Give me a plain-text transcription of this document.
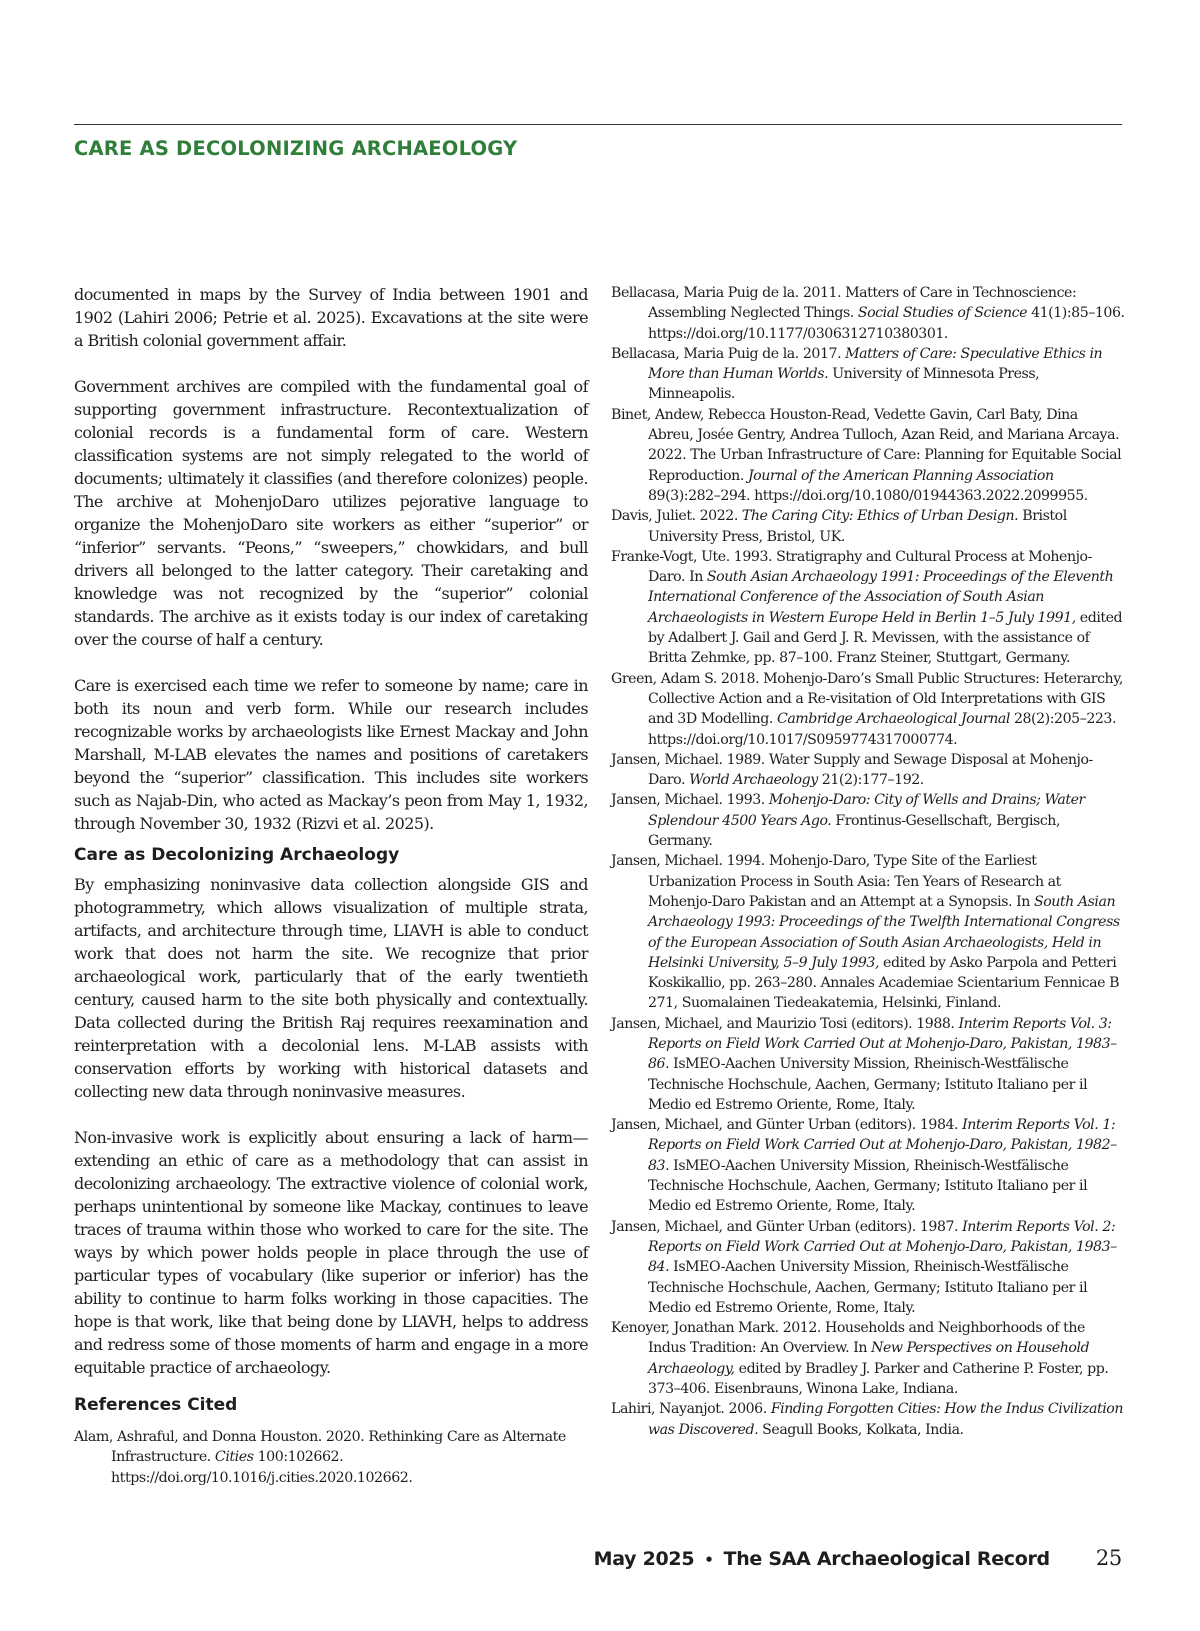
CARE AS DECOLONIZING ARCHAEOLOGY

documented in maps by the Survey of India between 1901 and 1902 (Lahiri 2006; Petrie et al. 2025). Excavations at the site were a British colonial government affair.

Government archives are compiled with the fundamental goal of supporting government infrastructure. Recontextualization of colonial records is a fundamental form of care. Western classification systems are not simply relegated to the world of documents; ultimately it classifies (and therefore colonizes) people. The archive at MohenjoDaro utilizes pejorative language to organize the MohenjoDaro site workers as either “superior” or “inferior” servants. “Peons,” “sweepers,” chowkidars, and bull drivers all belonged to the latter category. Their caretaking and knowledge was not recognized by the “superior” colonial standards. The archive as it exists today is our index of caretaking over the course of half a century.

Care is exercised each time we refer to someone by name; care in both its noun and verb form. While our research includes recognizable works by archaeologists like Ernest Mackay and John Marshall, M-LAB elevates the names and positions of caretakers beyond the “superior” classification. This includes site workers such as Najab-Din, who acted as Mackay’s peon from May 1, 1932, through November 30, 1932 (Rizvi et al. 2025).

Care as Decolonizing Archaeology

By emphasizing noninvasive data collection alongside GIS and photogrammetry, which allows visualization of multiple strata, artifacts, and architecture through time, LIAVH is able to conduct work that does not harm the site. We recognize that prior archaeological work, particularly that of the early twentieth century, caused harm to the site both physically and contextually. Data collected during the British Raj requires reexamination and reinterpretation with a decolonial lens. M-LAB assists with conservation efforts by working with historical datasets and collecting new data through noninvasive measures.

Non-invasive work is explicitly about ensuring a lack of harm—extending an ethic of care as a methodology that can assist in decolonizing archaeology. The extractive violence of colonial work, perhaps unintentional by someone like Mackay, continues to leave traces of trauma within those who worked to care for the site. The ways by which power holds people in place through the use of particular types of vocabulary (like superior or inferior) has the ability to continue to harm folks working in those capacities. The hope is that work, like that being done by LIAVH, helps to address and redress some of those moments of harm and engage in a more equitable practice of archaeology.

References Cited
Alam, Ashraful, and Donna Houston. 2020. Rethinking Care as Alternate Infrastructure. Cities 100:102662. https://doi.org/10.1016/j.cities.2020.102662.
Bellacasa, Maria Puig de la. 2011. Matters of Care in Technoscience: Assembling Neglected Things. Social Studies of Science 41(1):85–106. https://doi.org/10.1177/0306312710380301.
Bellacasa, Maria Puig de la. 2017. Matters of Care: Speculative Ethics in More than Human Worlds. University of Minnesota Press, Minneapolis.
Binet, Andew, Rebecca Houston-Read, Vedette Gavin, Carl Baty, Dina Abreu, Josée Gentry, Andrea Tulloch, Azan Reid, and Mariana Arcaya. 2022. The Urban Infrastructure of Care: Planning for Equitable Social Reproduction. Journal of the American Planning Association 89(3):282–294. https://doi.org/10.1080/01944363.2022.2099955.
Davis, Juliet. 2022. The Caring City: Ethics of Urban Design. Bristol University Press, Bristol, UK.
Franke-Vogt, Ute. 1993. Stratigraphy and Cultural Process at Mohenjo-Daro. In South Asian Archaeology 1991: Proceedings of the Eleventh International Conference of the Association of South Asian Archaeologists in Western Europe Held in Berlin 1–5 July 1991, edited by Adalbert J. Gail and Gerd J. R. Mevissen, with the assistance of Britta Zehmke, pp. 87–100. Franz Steiner, Stuttgart, Germany.
Green, Adam S. 2018. Mohenjo-Daro’s Small Public Structures: Heterarchy, Collective Action and a Re-visitation of Old Interpretations with GIS and 3D Modelling. Cambridge Archaeological Journal 28(2):205–223. https://doi.org/10.1017/S0959774317000774.
Jansen, Michael. 1989. Water Supply and Sewage Disposal at Mohenjo-Daro. World Archaeology 21(2):177–192.
Jansen, Michael. 1993. Mohenjo-Daro: City of Wells and Drains; Water Splendour 4500 Years Ago. Frontinus-Gesellschaft, Bergisch, Germany.
Jansen, Michael. 1994. Mohenjo-Daro, Type Site of the Earliest Urbanization Process in South Asia: Ten Years of Research at Mohenjo-Daro Pakistan and an Attempt at a Synopsis. In South Asian Archaeology 1993: Proceedings of the Twelfth International Congress of the European Association of South Asian Archaeologists, Held in Helsinki University, 5–9 July 1993, edited by Asko Parpola and Petteri Koskikallio, pp. 263–280. Annales Academiae Scientarium Fennicae B 271, Suomalainen Tiedeakatemia, Helsinki, Finland.
Jansen, Michael, and Maurizio Tosi (editors). 1988. Interim Reports Vol. 3: Reports on Field Work Carried Out at Mohenjo-Daro, Pakistan, 1983–86. IsMEO-Aachen University Mission, Rheinisch-Westfälische Technische Hochschule, Aachen, Germany; Istituto Italiano per il Medio ed Estremo Oriente, Rome, Italy.
Jansen, Michael, and Günter Urban (editors). 1984. Interim Reports Vol. 1: Reports on Field Work Carried Out at Mohenjo-Daro, Pakistan, 1982–83. IsMEO-Aachen University Mission, Rheinisch-Westfälische Technische Hochschule, Aachen, Germany; Istituto Italiano per il Medio ed Estremo Oriente, Rome, Italy.
Jansen, Michael, and Günter Urban (editors). 1987. Interim Reports Vol. 2: Reports on Field Work Carried Out at Mohenjo-Daro, Pakistan, 1983–84. IsMEO-Aachen University Mission, Rheinisch-Westfälische Technische Hochschule, Aachen, Germany; Istituto Italiano per il Medio ed Estremo Oriente, Rome, Italy.
Kenoyer, Jonathan Mark. 2012. Households and Neighborhoods of the Indus Tradition: An Overview. In New Perspectives on Household Archaeology, edited by Bradley J. Parker and Catherine P. Foster, pp. 373–406. Eisenbrauns, Winona Lake, Indiana.
Lahiri, Nayanjot. 2006. Finding Forgotten Cities: How the Indus Civilization was Discovered. Seagull Books, Kolkata, India.
May 2025 • The SAA Archaeological Record 25
